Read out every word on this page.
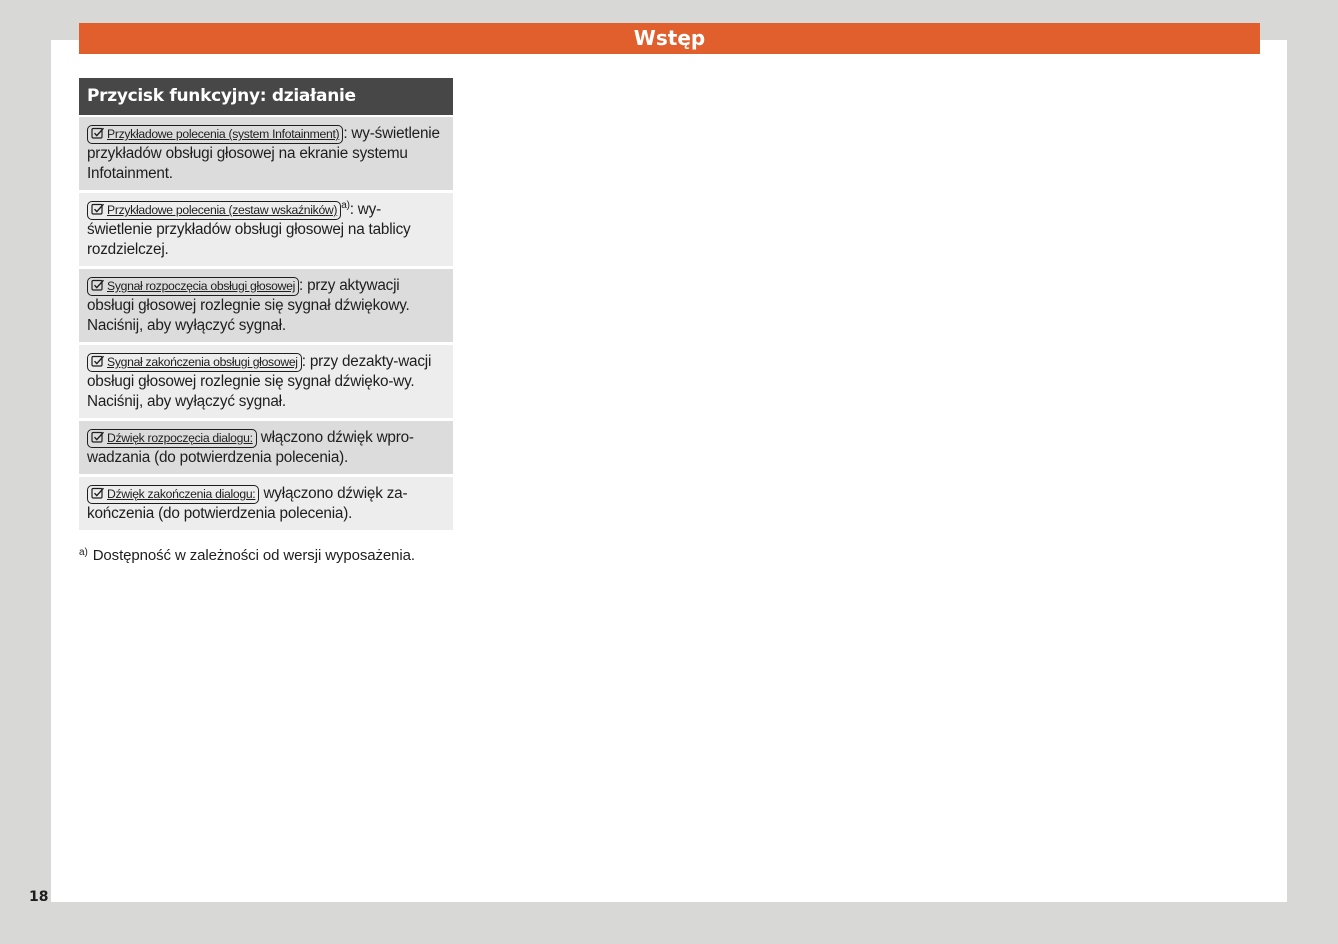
Wstęp
Przycisk funkcyjny: działanie
Przykładowe polecenia (system Infotainment) : wy-świetlenie przykładów obsługi głosowej na ekranie systemu Infotainment.
Przykładowe polecenia (zestaw wskaźników) $^{a)}$: wy-świetlenie przykładów obsługi głosowej na tablicy rozdzielczej.
Sygnał rozpoczęcia obsługi głosowej : przy aktywacji obsługi głosowej rozlegnie się sygnał dźwiękowy. Naciśnij, aby wyłączyć sygnał.
Sygnał zakończenia obsługi głosowej : przy dezakty-wacji obsługi głosowej rozlegnie się sygnał dźwięko-wy. Naciśnij, aby wyłączyć sygnał.
Dźwięk rozpoczęcia dialogu: włączono dźwięk wpro-wadzania (do potwierdzenia polecenia).
Dźwięk zakończenia dialogu: wyłączono dźwięk za-kończenia (do potwierdzenia polecenia).
$^{a)}$ Dostępność w zależności od wersji wyposażenia.
18
